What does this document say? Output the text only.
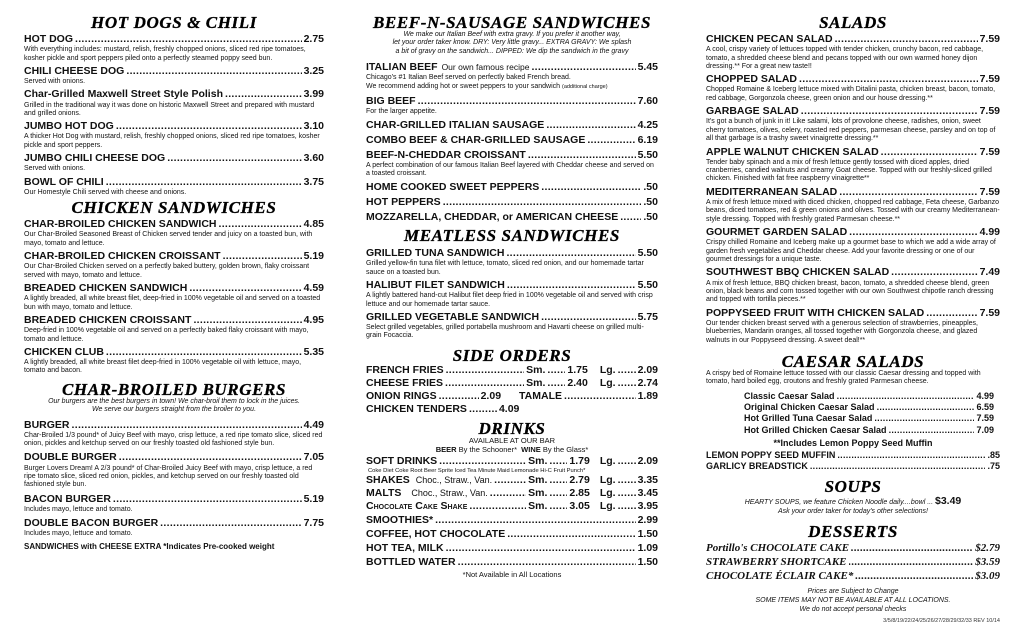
HOT DOGS & CHILI
HOT DOG .....	2.75
With everything includes: mustard, relish, freshly chopped onions, sliced red ripe tomatoes, kosher pickle and sport peppers piled onto a perfectly steamed poppy seed bun.
CHILI CHEESE DOG .....	3.25
Served with onions.
Char-Grilled Maxwell Street Style Polish .....	3.99
Grilled in the traditional way it was done on historic Maxwell Street and prepared with mustard and grilled onions.
JUMBO HOT DOG .....	3.10
A thicker Hot Dog with mustard, relish, freshly chopped onions, sliced red ripe tomatoes, kosher pickle and sport peppers.
JUMBO CHILI CHEESE DOG .....	3.60
Served with onions.
BOWL OF CHILI .....	3.75
Our Homestyle Chili served with cheese and onions.
CHICKEN SANDWICHES
CHAR-BROILED CHICKEN SANDWICH .....	4.85
Our Char-Broiled Seasoned Breast of Chicken served tender and juicy on a toasted bun, with mayo, tomato and lettuce.
CHAR-BROILED CHICKEN CROISSANT .....	5.19
Our Char-Broiled Chicken served on a perfectly baked buttery, golden brown, flaky croissant served with mayo, tomato and lettuce.
BREADED CHICKEN SANDWICH .....	4.59
A lightly breaded, all white breast filet, deep-fried in 100% vegetable oil and served on a toasted bun with mayo, tomato and lettuce.
BREADED CHICKEN CROISSANT .....	4.95
Deep-fried in 100% vegetable oil and served on a perfectly baked flaky croissant with mayo, tomato and lettuce.
CHICKEN CLUB .....	5.35
A lightly breaded, all white breast filet deep-fried in 100% vegetable oil with lettuce, mayo, tomato and bacon.
CHAR-BROILED BURGERS
Our burgers are the best burgers in town! We char-broil them to lock in the juices.
We serve our burgers straight from the broiler to you.
BURGER .....	4.49
Char-Broiled 1/3 pound* of Juicy Beef with mayo, crisp lettuce, a red ripe tomato slice, sliced red onion, pickles and ketchup served on our freshly toasted old fashioned style bun.
DOUBLE BURGER .....	7.05
Burger Lovers Dream! A 2/3 pound* of Char-Broiled Juicy Beef with mayo, crisp lettuce, a red ripe tomato slice, sliced red onion, pickles, and ketchup served on our freshly toasted old fashioned style bun.
BACON BURGER .....	5.19
Includes mayo, lettuce and tomato.
DOUBLE BACON BURGER .....	7.75
Includes mayo, lettuce and tomato.
SANDWICHES with CHEESE EXTRA *Indicates Pre-cooked weight
BEEF-N-SAUSAGE SANDWICHES
We make our Italian Beef with extra gravy. If you prefer it another way,
let your order taker know. DRY: Very little gravy... EXTRA GRAVY: We splash
a bit of gravy on the sandwich... DIPPED: We dip the sandwich in the gravy
ITALIAN BEEF Our own famous recipe .....	5.45
Chicago's #1 Italian Beef served on perfectly baked French bread.
We recommend adding hot or sweet peppers to your sandwich (additional charge)
BIG BEEF .....	7.60
For the larger appetite.
CHAR-GRILLED ITALIAN SAUSAGE .....	4.25
COMBO BEEF & CHAR-GRILLED SAUSAGE .....	6.19
BEEF-N-CHEDDAR CROISSANT .....	5.50
A perfect combination of our famous Italian Beef layered with Cheddar cheese and served on a toasted croissant.
HOME COOKED SWEET PEPPERS .....	.50
HOT PEPPERS .....	.50
MOZZARELLA, CHEDDAR, or AMERICAN CHEESE ..... .50
MEATLESS SANDWICHES
GRILLED TUNA SANDWICH .....	5.50
Grilled yellow-fin tuna filet with lettuce, tomato, sliced red onion, and our homemade tartar sauce on a toasted bun.
HALIBUT FILET SANDWICH .....	5.50
A lightly battered hand-cut Halibut filet deep fried in 100% vegetable oil and served with crisp lettuce and our homemade tartar sauce.
GRILLED VEGETABLE SANDWICH .....	5.75
Select grilled vegetables, grilled portabella mushroom and Havarti cheese on grilled multi-grain Focaccia.
SIDE ORDERS
FRENCH FRIES .....	Sm. ..... 1.75 Lg. ..... 2.09
CHEESE FRIES .....	Sm. ..... 2.40 Lg. ..... 2.74
ONION RINGS .....	2.09 TAMALE .....	1.89
CHICKEN TENDERS .....	4.09
DRINKS
AVAILABLE AT OUR BAR
BEER By the Schooner* WINE By the Glass*
SOFT DRINKS .....	Sm. ..... 1.79 Lg. ..... 2.09
Coke Diet Coke Root Beer Sprite Iced Tea Minute Maid Lemonade Hi-C Fruit Punch*
SHAKES Choc., Straw., Van. .....	Sm. ..... 2.79 Lg. ..... 3.35
MALTS Choc., Straw., Van. .....	Sm. ..... 2.85 Lg. ..... 3.45
Chocolate Cake Shake .....	Sm. ..... 3.05 Lg. ..... 3.95
SMOOTHIES* .....	2.99
COFFEE, HOT CHOCOLATE .....	1.50
HOT TEA, MILK .....	1.09
BOTTLED WATER .....	1.50
*Not Available in All Locations
SALADS
CHICKEN PECAN SALAD .....	7.59
A cool, crispy variety of lettuces topped with tender chicken, crunchy bacon, red cabbage, tomato, a shredded cheese blend and pecans topped with our own warmed honey dijon dressing.** For a great new taste!!
CHOPPED SALAD .....	7.59
Chopped Romaine & Iceberg lettuce mixed with Ditalini pasta, chicken breast, bacon, tomato, red cabbage, Gorgonzola cheese, green onion and our house dressing.**
GARBAGE SALAD .....	7.59
It's got a bunch of junk in it! Like salami, lots of provolone cheese, radishes, onion, sweet cherry tomatoes, olives, celery, roasted red peppers, parmesan cheese, parsley and on top of all that garbage is a trashy sweet vinaigrette dressing.**
APPLE WALNUT CHICKEN SALAD .....	7.59
Tender baby spinach and a mix of fresh lettuce gently tossed with diced apples, dried cranberries, candied walnuts and creamy Goat cheese. Topped with our freshly-sliced grilled chicken. Finished with fat free raspberry vinaigrette**
MEDITERRANEAN SALAD .....	7.59
A mix of fresh lettuce mixed with diced chicken, chopped red cabbage, Feta cheese, Garbanzo beans, diced tomatoes, red & green onions and olives. Tossed with our creamy Mediterranean-style dressing. Topped with freshly grated Parmesan cheese.**
GOURMET GARDEN SALAD .....	4.99
Crispy chilled Romaine and Iceberg make up a gourmet base to which we add a wide array of garden fresh vegetables and Cheddar cheese. Add your favorite dressing or one of our gourmet dressings for a unique taste.
SOUTHWEST BBQ CHICKEN SALAD .....	7.49
A mix of fresh lettuce, BBQ chicken breast, bacon, tomato, a shredded cheese blend, green onion, black beans and corn tossed together with our own Southwest chipotle ranch dressing and topped with tortilla pieces.**
POPPYSEED FRUIT WITH CHICKEN SALAD .....	7.59
Our tender chicken breast served with a generous selection of strawberries, pineapples, blueberries, Mandarin oranges, all tossed together with Gorgonzola cheese, and glazed walnuts in our Poppyseed dressing. A sweet deal!**
CAESAR SALADS
A crispy bed of Romaine lettuce tossed with our classic Caesar dressing and topped with tomato, hard boiled egg, croutons and freshly grated Parmesan cheese.
Classic Caesar Salad .....	4.99
Original Chicken Caesar Salad .....	6.59
Hot Grilled Tuna Caesar Salad .....	7.59
Hot Grilled Chicken Caesar Salad .....	7.09
**Includes Lemon Poppy Seed Muffin
LEMON POPPY SEED MUFFIN .....	.85
GARLICY BREADSTICK .....	.75
SOUPS
HEARTY SOUPS, we feature Chicken Noodle daily....bowl ... $3.49
Ask your order taker for today's other selections!
DESSERTS
Portillo's CHOCOLATE CAKE .....	$2.79
STRAWBERRY SHORTCAKE .....	$3.59
CHOCOLATE ÉCLAIR CAKE* .....	$3.09
Prices are Subject to Change
SOME ITEMS MAY NOT BE AVAILABLE AT ALL LOCATIONS.
We do not accept personal checks
3/5/8/19/22/24/25/26/27/28/29/32/33 REV 10/14
